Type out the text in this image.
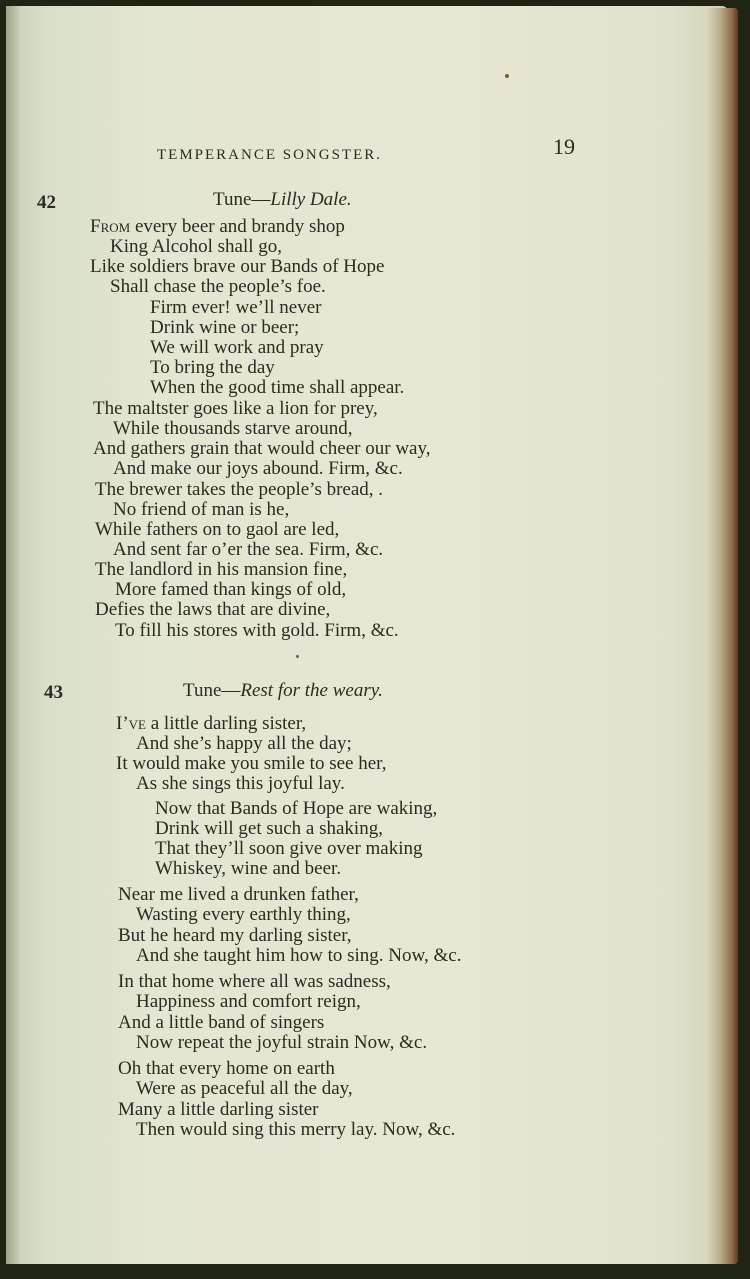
TEMPERANCE SONGSTER.	19
42	Tune—Lilly Dale.
From every beer and brandy shop
King Alcohol shall go,
Like soldiers brave our Bands of Hope
Shall chase the people’s foe.
Firm ever! we’ll never
Drink wine or beer;
We will work and pray
To bring the day
When the good time shall appear.
The maltster goes like a lion for prey,
While thousands starve around,
And gathers grain that would cheer our way,
And make our joys abound. Firm, &c.
The brewer takes the people’s bread, .
No friend of man is he,
While fathers on to gaol are led,
And sent far o’er the sea. Firm, &c.
The landlord in his mansion fine,
More famed than kings of old,
Defies the laws that are divine,
To fill his stores with gold. Firm, &c.
43	Tune—Rest for the weary.
I’ve a little darling sister,
And she’s happy all the day;
It would make you smile to see her,
As she sings this joyful lay.
Now that Bands of Hope are waking,
Drink will get such a shaking,
That they’ll soon give over making
Whiskey, wine and beer.
Near me lived a drunken father,
Wasting every earthly thing,
But he heard my darling sister,
And she taught him how to sing. Now, &c.
In that home where all was sadness,
Happiness and comfort reign,
And a little band of singers
Now repeat the joyful strain Now, &c.
Oh that every home on earth
Were as peaceful all the day,
Many a little darling sister
Then would sing this merry lay. Now, &c.
